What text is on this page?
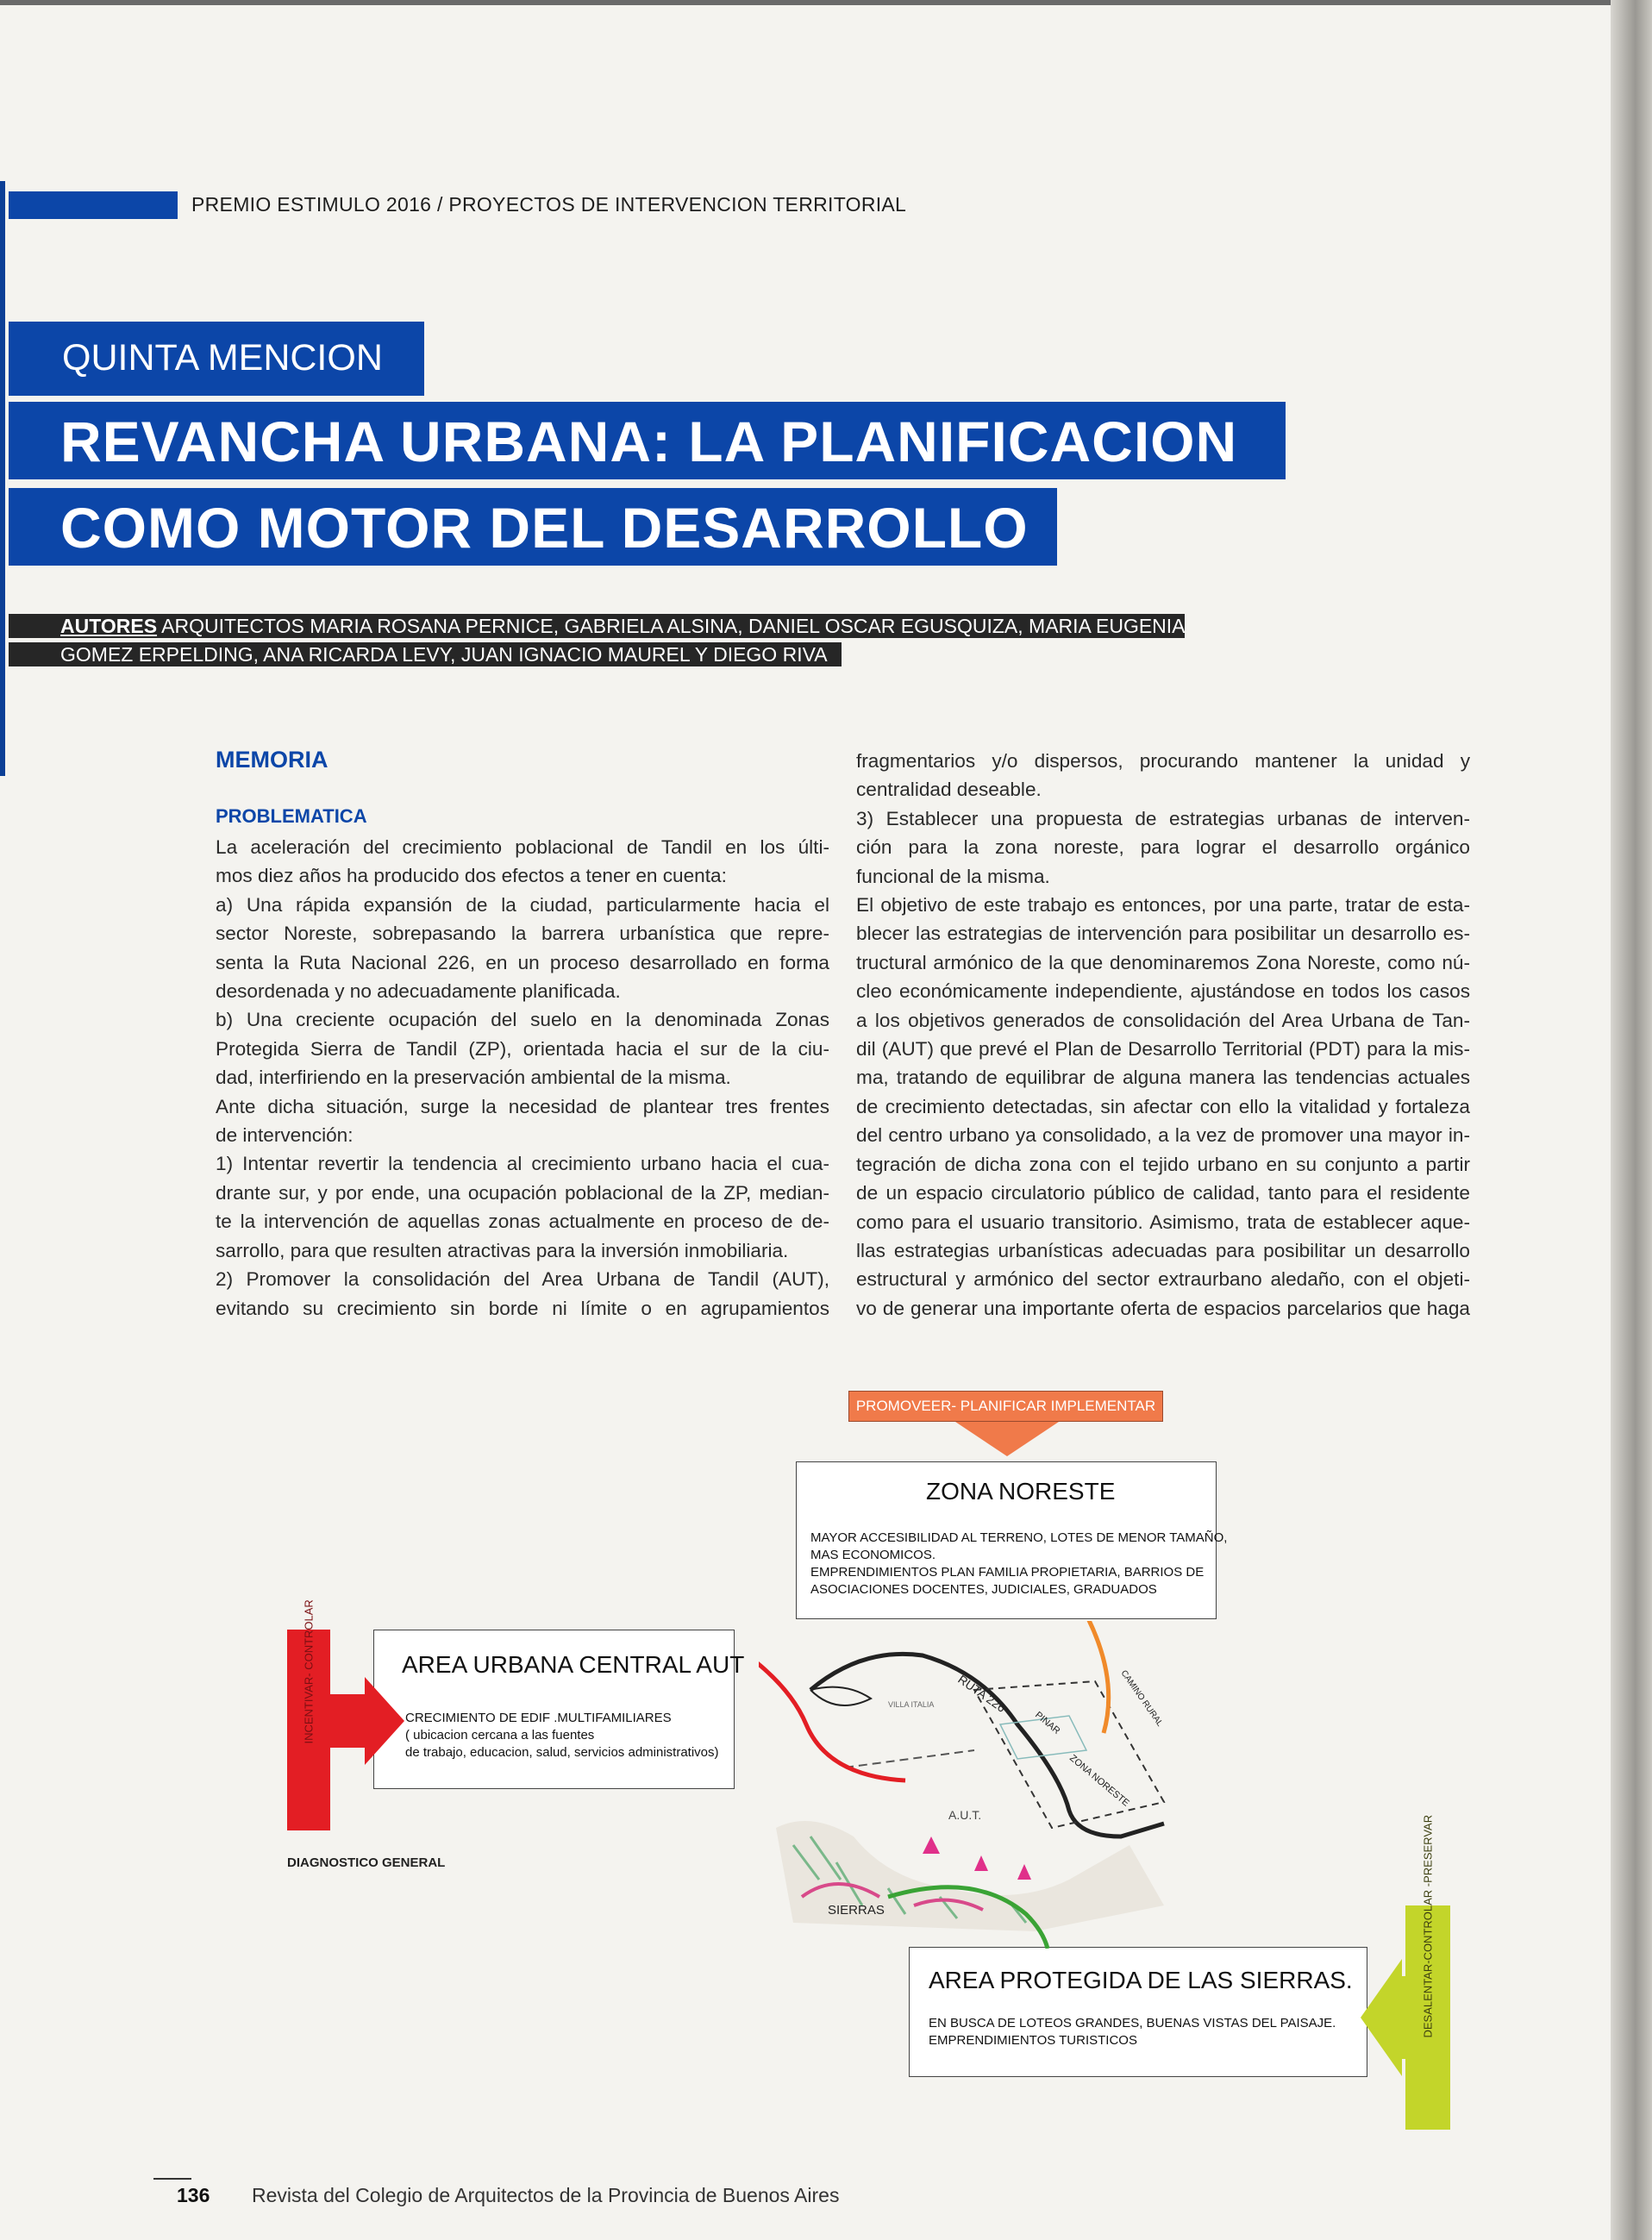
PREMIO ESTIMULO 2016 / PROYECTOS DE INTERVENCION TERRITORIAL
QUINTA MENCION
REVANCHA URBANA: LA PLANIFICACION
COMO MOTOR DEL DESARROLLO
AUTORES ARQUITECTOS MARIA ROSANA PERNICE, GABRIELA ALSINA, DANIEL OSCAR EGUSQUIZA, MARIA EUGENIA
GOMEZ ERPELDING, ANA RICARDA LEVY, JUAN IGNACIO MAUREL Y DIEGO RIVA
MEMORIA
PROBLEMATICA

La aceleración del crecimiento poblacional de Tandil en los últi-

mos diez años ha producido dos efectos a tener en cuenta:

a) Una rápida expansión de la ciudad, particularmente hacia el

sector Noreste, sobrepasando la barrera urbanística que repre-

senta la Ruta Nacional 226, en un proceso desarrollado en forma

desordenada y no adecuadamente planificada.

b) Una creciente ocupación del suelo en la denominada Zonas

Protegida Sierra de Tandil (ZP), orientada hacia el sur de la ciu-

dad, interfiriendo en la preservación ambiental de la misma.

Ante dicha situación, surge la necesidad de plantear tres frentes

de intervención:

1) Intentar revertir la tendencia al crecimiento urbano hacia el cua-

drante sur, y por ende, una ocupación poblacional de la ZP, median-

te la intervención de aquellas zonas actualmente en proceso de de-

sarrollo, para que resulten atractivas para la inversión inmobiliaria.

2) Promover la consolidación del Area Urbana de Tandil (AUT),

evitando su crecimiento sin borde ni límite o en agrupamientos

fragmentarios y/o dispersos, procurando mantener la unidad y

centralidad deseable.

3) Establecer una propuesta de estrategias urbanas de interven-

ción para la zona noreste, para lograr el desarrollo orgánico

funcional de la misma.

El objetivo de este trabajo es entonces, por una parte, tratar de esta-

blecer las estrategias de intervención para posibilitar un desarrollo es-

tructural armónico de la que denominaremos Zona Noreste, como nú-

cleo económicamente independiente, ajustándose en todos los casos

a los objetivos generados de consolidación del Area Urbana de Tan-

dil (AUT) que prevé el Plan de Desarrollo Territorial (PDT) para la mis-

ma, tratando de equilibrar de alguna manera las tendencias actuales

de crecimiento detectadas, sin afectar con ello la vitalidad y fortaleza

del centro urbano ya consolidado, a la vez de promover una mayor in-

tegración de dicha zona con el tejido urbano en su conjunto a partir

de un espacio circulatorio público de calidad, tanto para el residente

como para el usuario transitorio. Asimismo, trata de establecer aque-

llas estrategias urbanísticas adecuadas para posibilitar un desarrollo

estructural y armónico del sector extraurbano aledaño, con el objeti-

vo de generar una importante oferta de espacios parcelarios que haga

PROMOVEER- PLANIFICAR IMPLEMENTAR
ZONA NORESTE
MAYOR ACCESIBILIDAD AL TERRENO, LOTES DE MENOR TAMAÑO,
MAS ECONOMICOS.
EMPRENDIMIENTOS PLAN FAMILIA PROPIETARIA, BARRIOS DE
ASOCIACIONES DOCENTES, JUDICIALES, GRADUADOS
AREA URBANA CENTRAL AUT
CRECIMIENTO DE EDIF .MULTIFAMILIARES
( ubicacion cercana a las fuentes
de trabajo, educacion, salud, servicios administrativos)
AREA PROTEGIDA DE LAS SIERRAS.
EN BUSCA DE LOTEOS GRANDES, BUENAS VISTAS DEL PAISAJE.
EMPRENDIMIENTOS TURISTICOS
DIAGNOSTICO GENERAL
RUTA 226
PINAR
ZONA NORESTE
VILLA ITALIA	CAMINO RURAL
A.U.T.
SIERRAS
136 Revista del Colegio de Arquitectos de la Provincia de Buenos Aires
